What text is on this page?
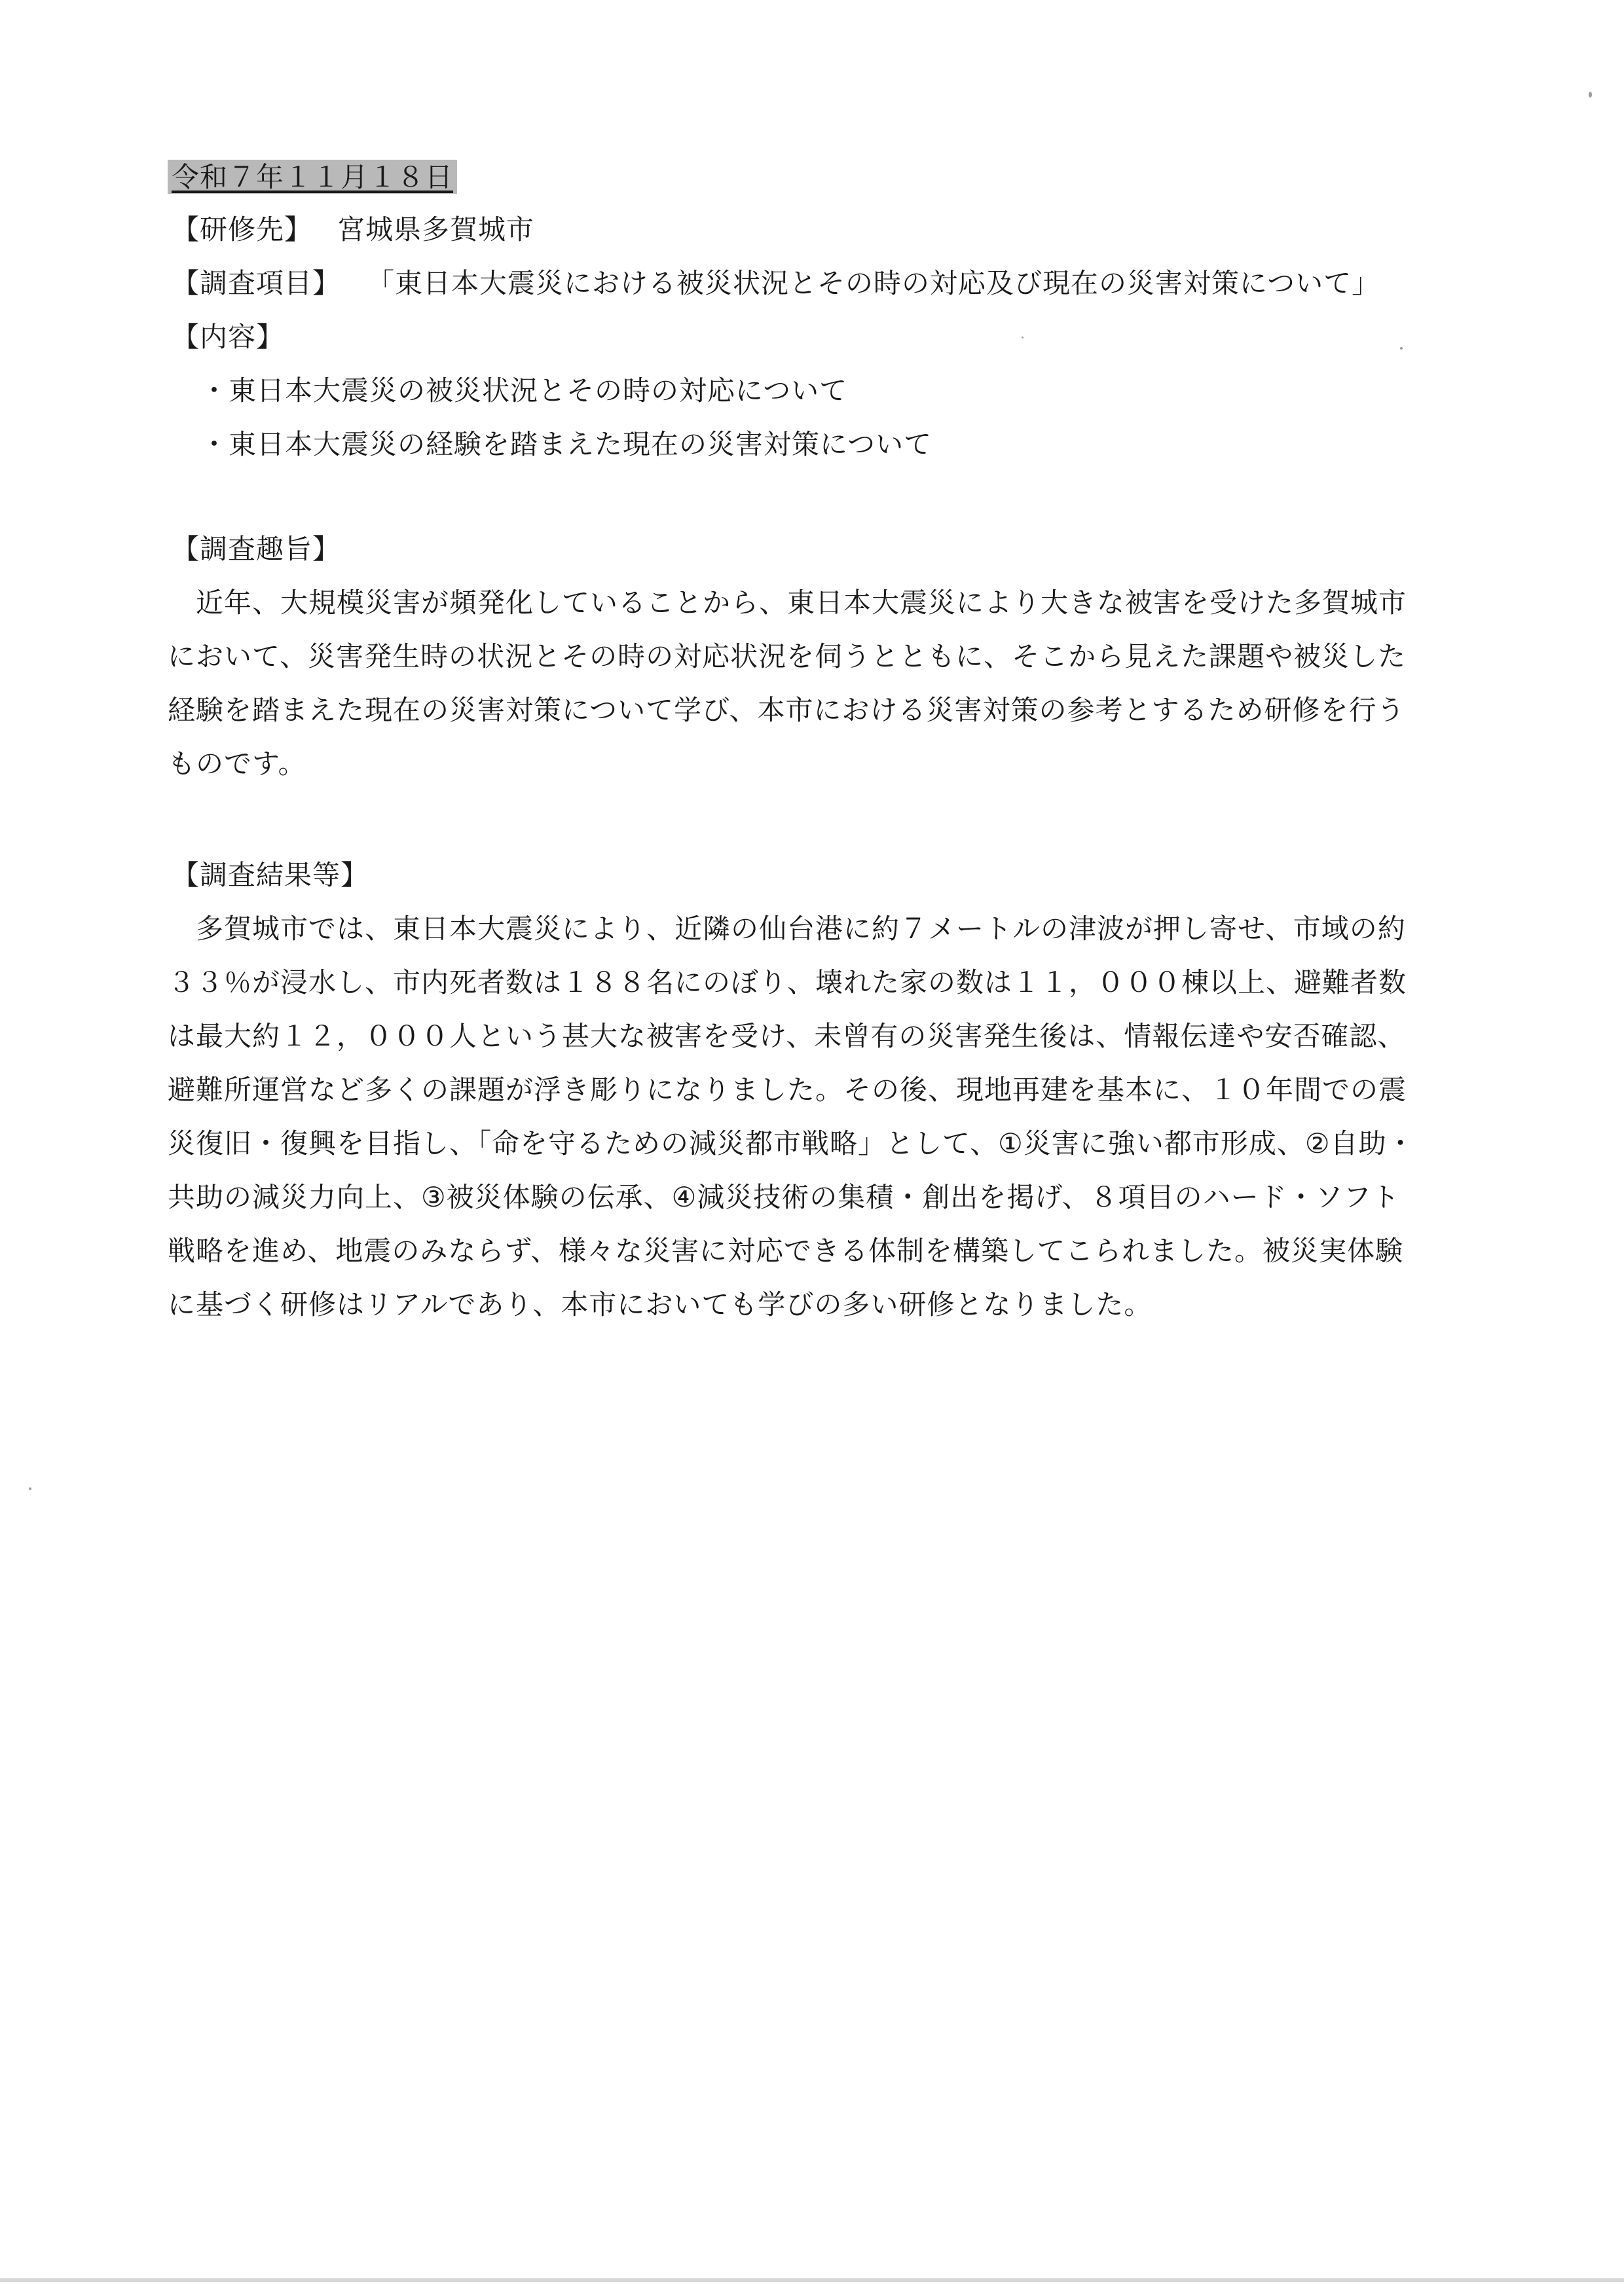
令和７年１１月１８日
【研修先】 宮城県多賀城市
【調査項目】 「東日本大震災における被災状況とその時の対応及び現在の災害対策について」
【内容】
・東日本大震災の被災状況とその時の対応について
・東日本大震災の経験を踏まえた現在の災害対策について
【調査趣旨】
　近年、大規模災害が頻発化していることから、東日本大震災により大きな被害を受けた多賀城市
において、災害発生時の状況とその時の対応状況を伺うとともに、そこから見えた課題や被災した
経験を踏まえた現在の災害対策について学び、本市における災害対策の参考とするため研修を行う
ものです。
【調査結果等】
　多賀城市では、東日本大震災により、近隣の仙台港に約７メートルの津波が押し寄せ、市域の約
３３％が浸水し、市内死者数は１８８名にのぼり、壊れた家の数は１１，０００棟以上、避難者数
は最大約１２，０００人という甚大な被害を受け、未曾有の災害発生後は、情報伝達や安否確認、
避難所運営など多くの課題が浮き彫りになりました。その後、現地再建を基本に、１０年間での震
災復旧・復興を目指し、「命を守るための減災都市戦略」として、①災害に強い都市形成、②自助・
共助の減災力向上、③被災体験の伝承、④減災技術の集積・創出を掲げ、８項目のハード・ソフト
戦略を進め、地震のみならず、様々な災害に対応できる体制を構築してこられました。被災実体験
に基づく研修はリアルであり、本市においても学びの多い研修となりました。
